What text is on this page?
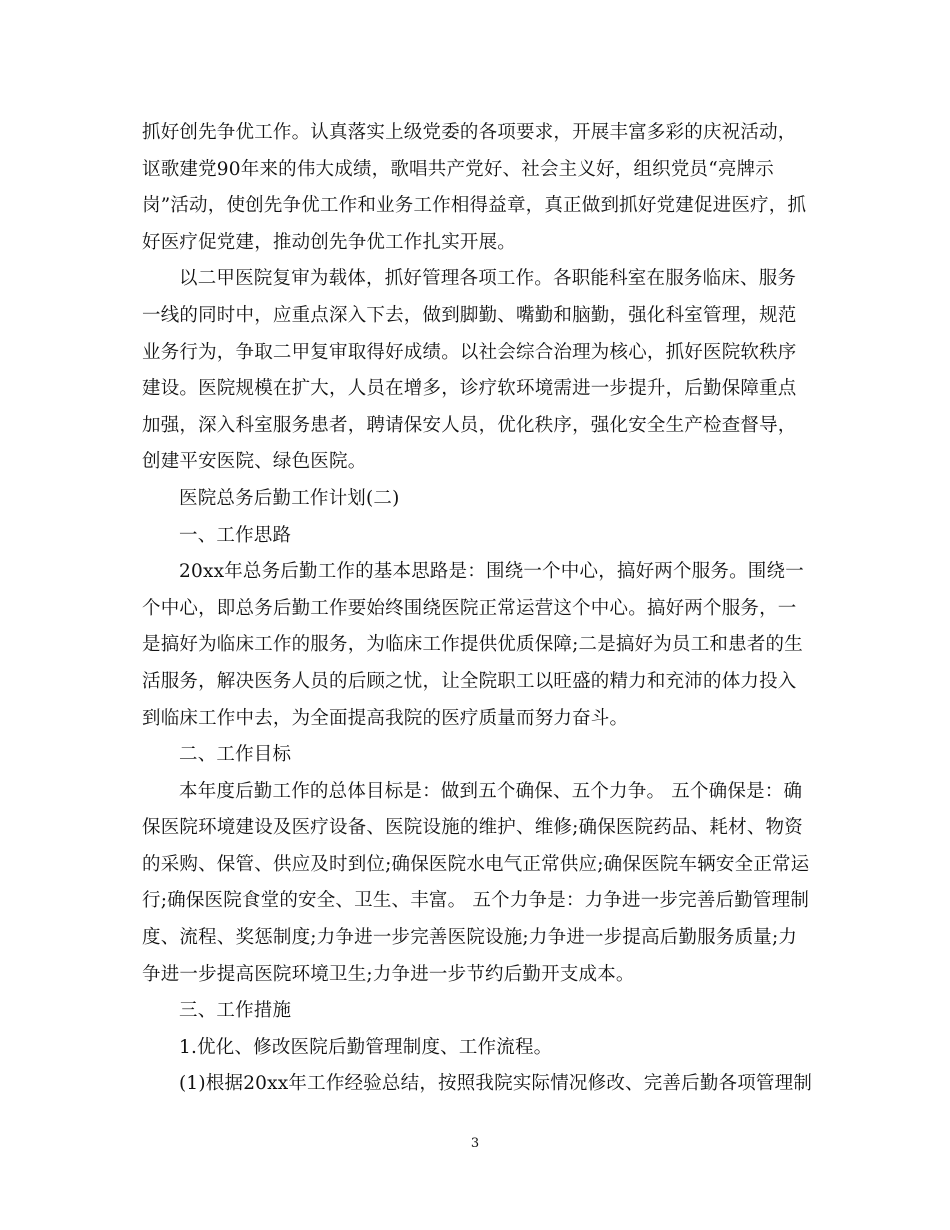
抓好创先争优工作。认真落实上级党委的各项要求，开展丰富多彩的庆祝活动，讴歌建党90年来的伟大成绩，歌唱共产党好、社会主义好，组织党员“亮牌示岗”活动，使创先争优工作和业务工作相得益章，真正做到抓好党建促进医疗，抓好医疗促党建，推动创先争优工作扎实开展。

以二甲医院复审为载体，抓好管理各项工作。各职能科室在服务临床、服务一线的同时中，应重点深入下去，做到脚勤、嘴勤和脑勤，强化科室管理，规范业务行为，争取二甲复审取得好成绩。以社会综合治理为核心，抓好医院软秩序建设。医院规模在扩大，人员在增多，诊疗软环境需进一步提升，后勤保障重点加强，深入科室服务患者，聘请保安人员，优化秩序，强化安全生产检查督导，创建平安医院、绿色医院。

医院总务后勤工作计划(二)

一、工作思路

20xx年总务后勤工作的基本思路是：围绕一个中心，搞好两个服务。围绕一个中心，即总务后勤工作要始终围绕医院正常运营这个中心。搞好两个服务，一是搞好为临床工作的服务，为临床工作提供优质保障;二是搞好为员工和患者的生活服务，解决医务人员的后顾之忧，让全院职工以旺盛的精力和充沛的体力投入到临床工作中去，为全面提高我院的医疗质量而努力奋斗。

二、工作目标

本年度后勤工作的总体目标是：做到五个确保、五个力争。 五个确保是：确保医院环境建设及医疗设备、医院设施的维护、维修;确保医院药品、耗材、物资的采购、保管、供应及时到位;确保医院水电气正常供应;确保医院车辆安全正常运行;确保医院食堂的安全、卫生、丰富。 五个力争是：力争进一步完善后勤管理制度、流程、奖惩制度;力争进一步完善医院设施;力争进一步提高后勤服务质量;力争进一步提高医院环境卫生;力争进一步节约后勤开支成本。

三、工作措施

1.优化、修改医院后勤管理制度、工作流程。

(1)根据20xx年工作经验总结，按照我院实际情况修改、完善后勤各项管理制

3
